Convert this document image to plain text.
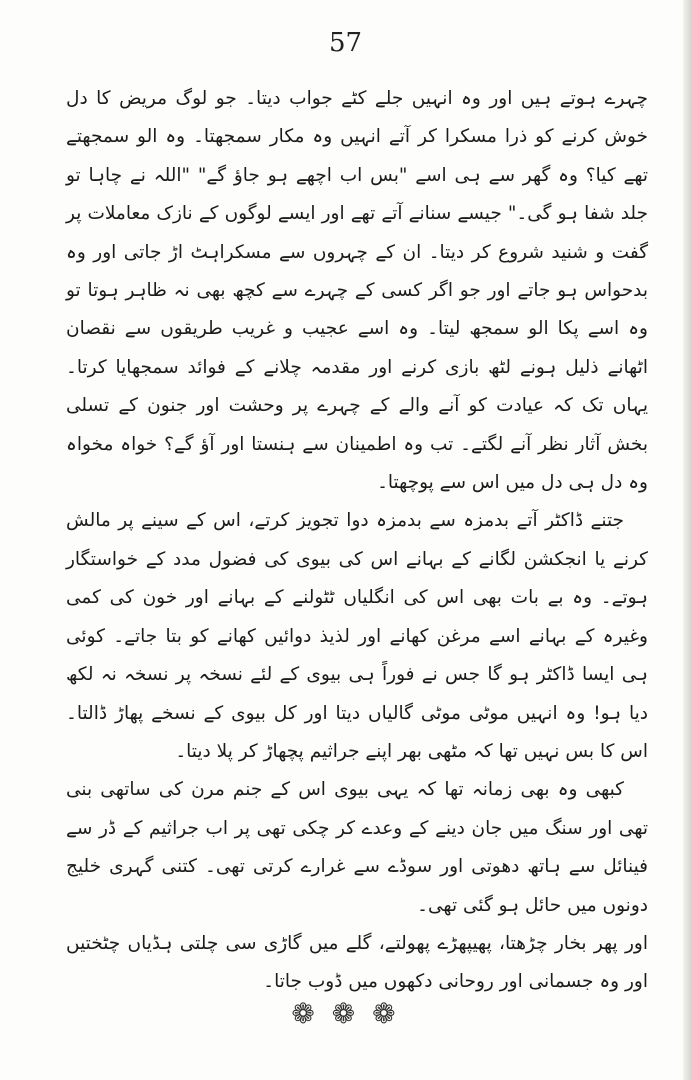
57

چہرے ہوتے ہیں اور وہ انہیں جلے کٹے جواب دیتا۔ جو لوگ مریض کا دل خوش کرنے کو ذرا مسکرا کر آتے انہیں وہ مکار سمجھتا۔ وہ الو سمجھتے تھے کیا؟ وہ گھر سے ہی اسے "بس اب اچھے ہو جاؤ گے" "اللہ نے چاہا تو جلد شفا ہو گی۔" جیسے سنانے آتے تھے اور ایسے لوگوں کے نازک معاملات پر گفت و شنید شروع کر دیتا۔ ان کے چہروں سے مسکراہٹ اڑ جاتی اور وہ بدحواس ہو جاتے اور جو اگر کسی کے چہرے سے کچھ بھی نہ ظاہر ہوتا تو وہ اسے پکا الو سمجھ لیتا۔ وہ اسے عجیب و غریب طریقوں سے نقصان اٹھانے ذلیل ہونے لٹھ بازی کرنے اور مقدمہ چلانے کے فوائد سمجھایا کرتا۔ یہاں تک کہ عیادت کو آنے والے کے چہرے پر وحشت اور جنون کے تسلی بخش آثار نظر آنے لگتے۔ تب وہ اطمینان سے ہنستا اور آؤ گے؟ خواہ مخواہ وہ دل ہی دل میں اس سے پوچھتا۔

جتنے ڈاکٹر آتے بدمزہ سے بدمزہ دوا تجویز کرتے، اس کے سینے پر مالش کرنے یا انجکشن لگانے کے بہانے اس کی بیوی کی فضول مدد کے خواستگار ہوتے۔ وہ بے بات بھی اس کی انگلیاں ٹٹولنے کے بہانے اور خون کی کمی وغیرہ کے بہانے اسے مرغن کھانے اور لذیذ دوائیں کھانے کو بتا جاتے۔ کوئی ہی ایسا ڈاکٹر ہو گا جس نے فوراً ہی بیوی کے لئے نسخہ پر نسخہ نہ لکھ دیا ہو! وہ انہیں موٹی موٹی گالیاں دیتا اور کل بیوی کے نسخے پھاڑ ڈالتا۔ اس کا بس نہیں تھا کہ مٹھی بھر اپنے جراثیم پچھاڑ کر پلا دیتا۔

کبھی وہ بھی زمانہ تھا کہ یہی بیوی اس کے جنم مرن کی ساتھی بنی تھی اور سنگ میں جان دینے کے وعدے کر چکی تھی پر اب جراثیم کے ڈر سے فینائل سے ہاتھ دھوتی اور سوڈے سے غرارے کرتی تھی۔ کتنی گہری خلیج دونوں میں حائل ہو گئی تھی۔

اور پھر بخار چڑھتا، پھیپھڑے پھولتے، گلے میں گاڑی سی چلتی ہڈیاں چٹختیں اور وہ جسمانی اور روحانی دکھوں میں ڈوب جاتا۔

❁ ❁ ❁
